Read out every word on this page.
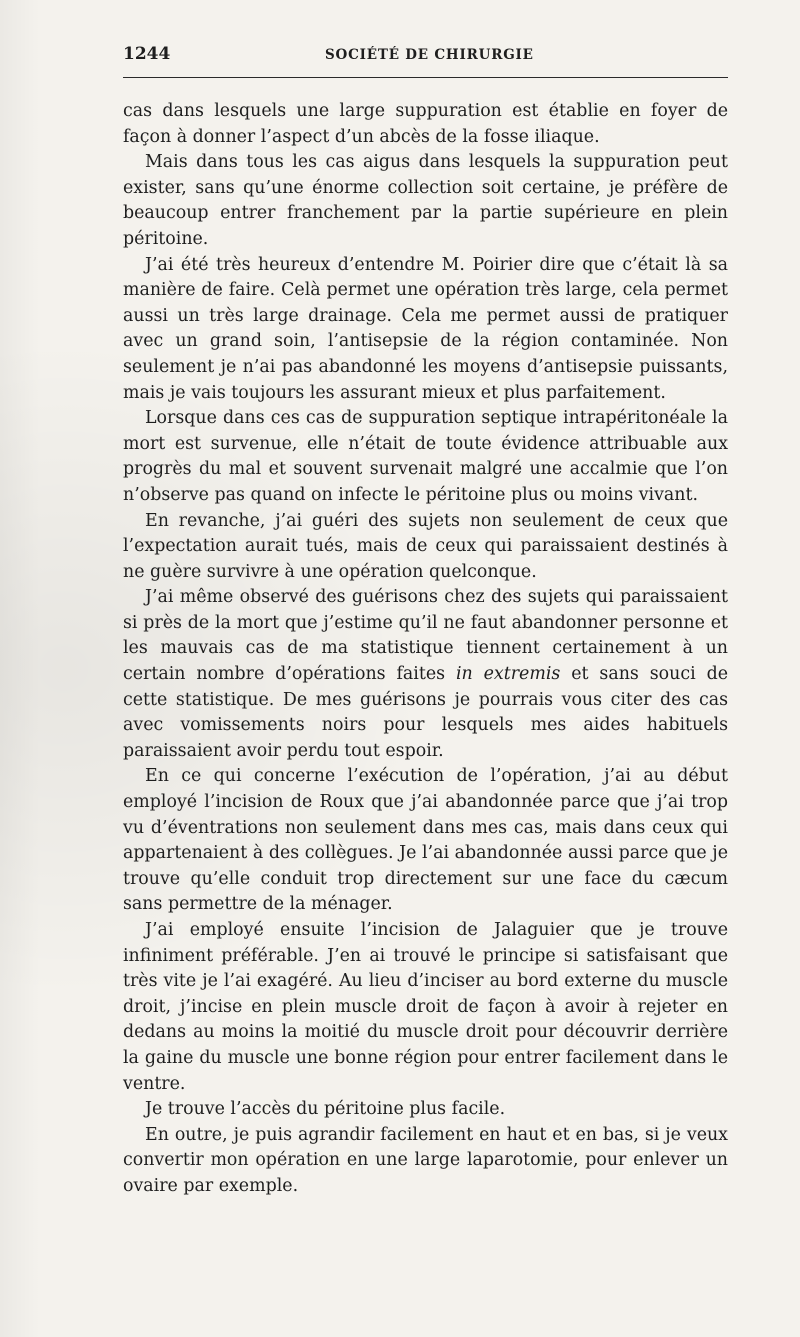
1244	SOCIÉTÉ DE CHIRURGIE

cas dans lesquels une large suppuration est établie en foyer de façon à donner l’aspect d’un abcès de la fosse iliaque.

Mais dans tous les cas aigus dans lesquels la suppuration peut exister, sans qu’une énorme collection soit certaine, je préfère de beaucoup entrer franchement par la partie supérieure en plein péritoine.

J’ai été très heureux d’entendre M. Poirier dire que c’était là sa manière de faire. Celà permet une opération très large, cela permet aussi un très large drainage. Cela me permet aussi de pratiquer avec un grand soin, l’antisepsie de la région contaminée. Non seulement je n’ai pas abandonné les moyens d’antisepsie puissants, mais je vais toujours les assurant mieux et plus parfaitement.

Lorsque dans ces cas de suppuration septique intrapéritonéale la mort est survenue, elle n’était de toute évidence attribuable aux progrès du mal et souvent survenait malgré une accalmie que l’on n’observe pas quand on infecte le péritoine plus ou moins vivant.

En revanche, j’ai guéri des sujets non seulement de ceux que l’expectation aurait tués, mais de ceux qui paraissaient destinés à ne guère survivre à une opération quelconque.

J’ai même observé des guérisons chez des sujets qui paraissaient si près de la mort que j’estime qu’il ne faut abandonner personne et les mauvais cas de ma statistique tiennent certainement à un certain nombre d’opérations faites in extremis et sans souci de cette statistique. De mes guérisons je pourrais vous citer des cas avec vomissements noirs pour lesquels mes aides habituels paraissaient avoir perdu tout espoir.

En ce qui concerne l’exécution de l’opération, j’ai au début employé l’incision de Roux que j’ai abandonnée parce que j’ai trop vu d’éventrations non seulement dans mes cas, mais dans ceux qui appartenaient à des collègues. Je l’ai abandonnée aussi parce que je trouve qu’elle conduit trop directement sur une face du cæcum sans permettre de la ménager.

J’ai employé ensuite l’incision de Jalaguier que je trouve infiniment préférable. J’en ai trouvé le principe si satisfaisant que très vite je l’ai exagéré. Au lieu d’inciser au bord externe du muscle droit, j’incise en plein muscle droit de façon à avoir à rejeter en dedans au moins la moitié du muscle droit pour découvrir derrière la gaine du muscle une bonne région pour entrer facilement dans le ventre.

Je trouve l’accès du péritoine plus facile.

En outre, je puis agrandir facilement en haut et en bas, si je veux convertir mon opération en une large laparotomie, pour enlever un ovaire par exemple.
